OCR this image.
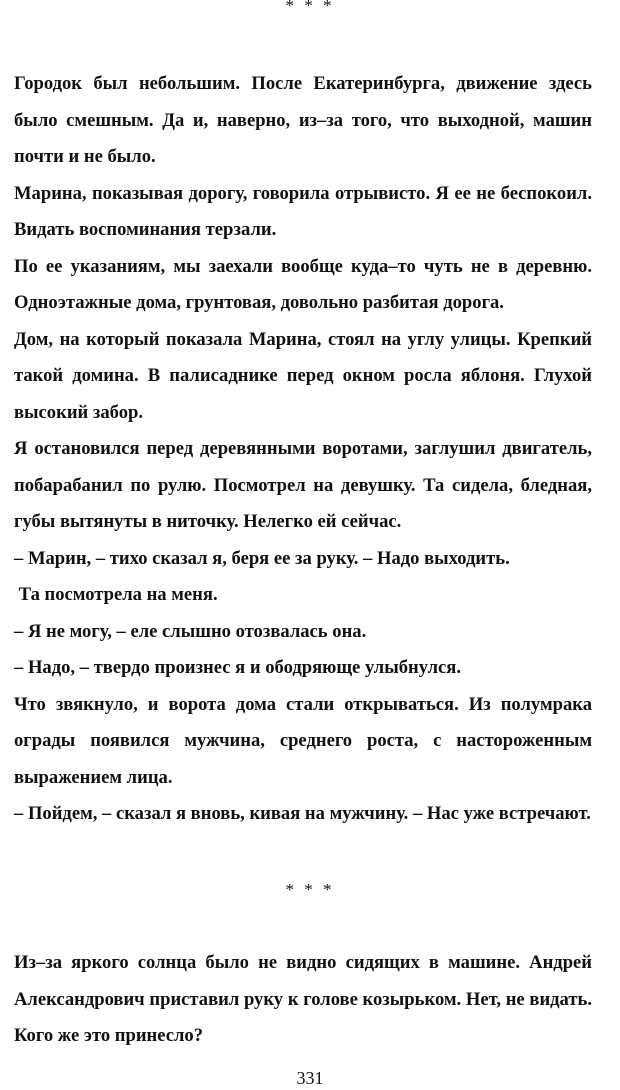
* * *

Городок был небольшим. После Екатеринбурга, движение здесь было смешным. Да и, наверно, из–за того, что выходной, машин почти и не было.

Марина, показывая дорогу, говорила отрывисто. Я ее не беспокоил. Видать воспоминания терзали.

По ее указаниям, мы заехали вообще куда–то чуть не в деревню. Одноэтажные дома, грунтовая, довольно разбитая дорога.

Дом, на который показала Марина, стоял на углу улицы. Крепкий такой домина. В палисаднике перед окном росла яблоня. Глухой высокий забор.

Я остановился перед деревянными воротами, заглушил двигатель, побарабанил по рулю. Посмотрел на девушку. Та сидела, бледная, губы вытянуты в ниточку. Нелегко ей сейчас.

– Марин, – тихо сказал я, беря ее за руку. – Надо выходить.

Та посмотрела на меня.

– Я не могу, – еле слышно отозвалась она.

– Надо, – твердо произнес я и ободряюще улыбнулся.

Что звякнуло, и ворота дома стали открываться. Из полумрака ограды появился мужчина, среднего роста, с настороженным выражением лица.

– Пойдем, – сказал я вновь, кивая на мужчину. – Нас уже встречают.

* * *

Из–за яркого солнца было не видно сидящих в машине. Андрей Александрович приставил руку к голове козырьком. Нет, не видать. Кого же это принесло?

331
